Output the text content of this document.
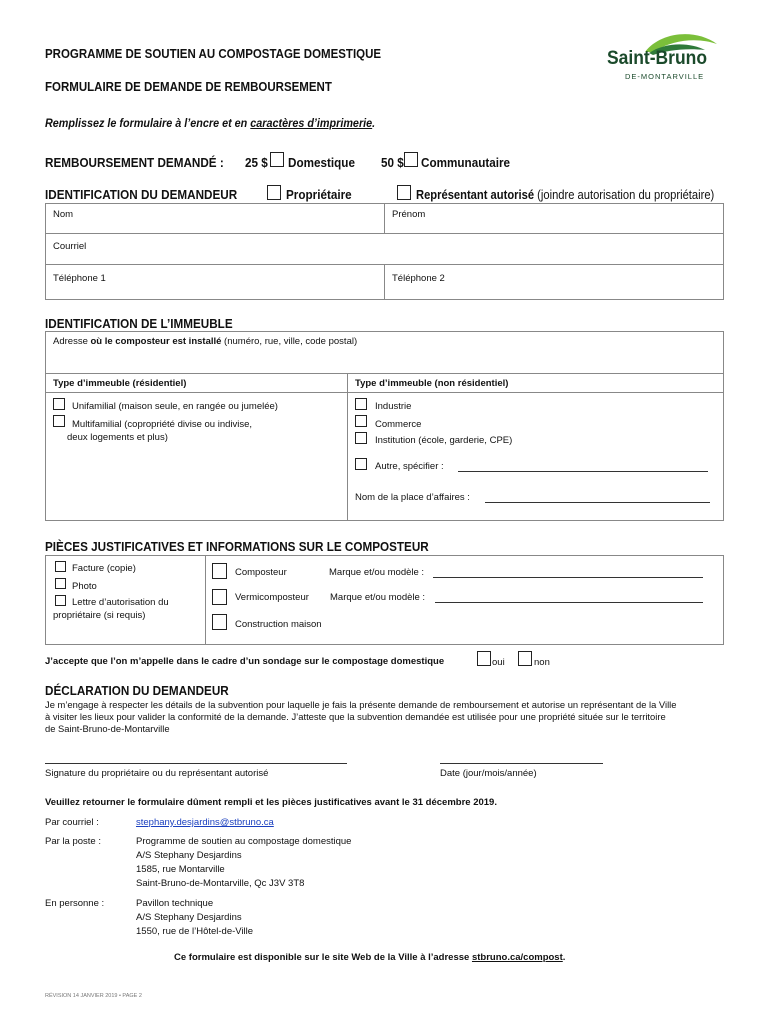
PROGRAMME DE SOUTIEN AU COMPOSTAGE DOMESTIQUE
FORMULAIRE DE DEMANDE DE REMBOURSEMENT
Remplissez le formulaire à l’encre et en caractères d’imprimerie.
Saint-Bruno
DE-MONTARVILLE
REMBOURSEMENT DEMANDÉ : 25 $ Domestique 50 $ Communautaire
IDENTIFICATION DU DEMANDEUR	Propriétaire	Représentant autorisé (joindre autorisation du propriétaire)
Nom	Prénom
Courriel
Téléphone 1	Téléphone 2
IDENTIFICATION DE L’IMMEUBLE
Adresse où le composteur est installé (numéro, rue, ville, code postal)
Type d’immeuble (résidentiel)	Type d’immeuble (non résidentiel)
Unifamilial (maison seule, en rangée ou jumelée)
Multifamilial (copropriété divise ou indivise,
deux logements et plus)
Industrie
Commerce
Institution (école, garderie, CPE)
Autre, spécifier :
Nom de la place d’affaires :
PIÈCES JUSTIFICATIVES ET INFORMATIONS SUR LE COMPOSTEUR
Facture (copie)
Photo
Lettre d’autorisation du
propriétaire (si requis)
Composteur	Marque et/ou modèle :
Vermicomposteur Marque et/ou modèle :
Construction maison
J’accepte que l’on m’appelle dans le cadre d’un sondage sur le compostage domestique	oui	non
DÉCLARATION DU DEMANDEUR
Je m’engage à respecter les détails de la subvention pour laquelle je fais la présente demande de remboursement et autorise un représentant de la Ville
à visiter les lieux pour valider la conformité de la demande. J’atteste que la subvention demandée est utilisée pour une propriété située sur le territoire
de Saint-Bruno-de-Montarville
Signature du propriétaire ou du représentant autorisé	Date (jour/mois/année)
Veuillez retourner le formulaire dûment rempli et les pièces justificatives avant le 31 décembre 2019.
Par courriel :	stephany.desjardins@stbruno.ca
Par la poste :	Programme de soutien au compostage domestique
A/S Stephany Desjardins
1585, rue Montarville
Saint-Bruno-de-Montarville, Qc J3V 3T8
En personne :	Pavillon technique
A/S Stephany Desjardins
1550, rue de l’Hôtel-de-Ville
Ce formulaire est disponible sur le site Web de la Ville à l’adresse stbruno.ca/compost.
RÉVISION 14 JANVIER 2019 • PAGE 2
